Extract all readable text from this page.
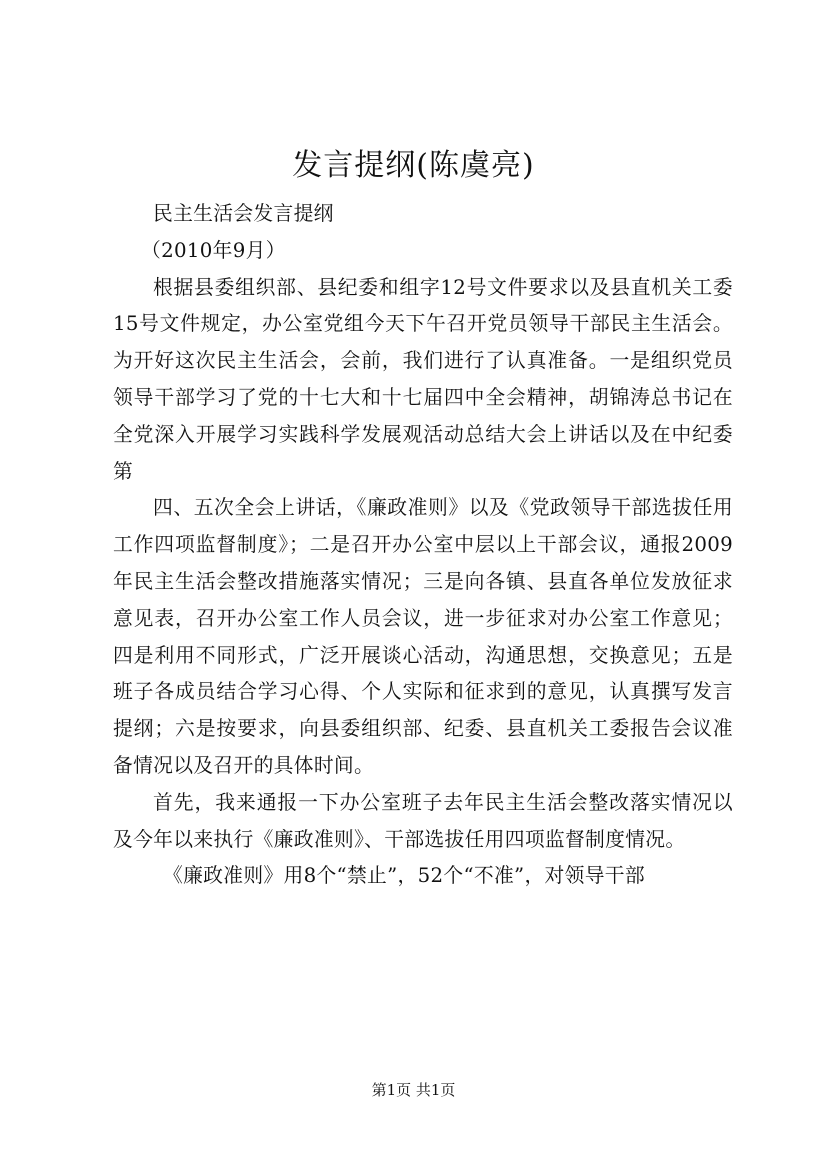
发言提纲(陈虞亮)

民主生活会发言提纲

（2010年9月）

根据县委组织部、县纪委和组字12号文件要求以及县直机关工委15号文件规定，办公室党组今天下午召开党员领导干部民主生活会。为开好这次民主生活会，会前，我们进行了认真准备。一是组织党员领导干部学习了党的十七大和十七届四中全会精神，胡锦涛总书记在全党深入开展学习实践科学发展观活动总结大会上讲话以及在中纪委第

四、五次全会上讲话，《廉政准则》以及《党政领导干部选拔任用工作四项监督制度》；二是召开办公室中层以上干部会议，通报2009年民主生活会整改措施落实情况；三是向各镇、县直各单位发放征求意见表，召开办公室工作人员会议，进一步征求对办公室工作意见；四是利用不同形式，广泛开展谈心活动，沟通思想，交换意见；五是班子各成员结合学习心得、个人实际和征求到的意见，认真撰写发言提纲；六是按要求，向县委组织部、纪委、县直机关工委报告会议准备情况以及召开的具体时间。

首先，我来通报一下办公室班子去年民主生活会整改落实情况以及今年以来执行《廉政准则》、干部选拔任用四项监督制度情况。

《廉政准则》用8个“禁止”，52个“不准”，对领导干部

第1页 共1页
